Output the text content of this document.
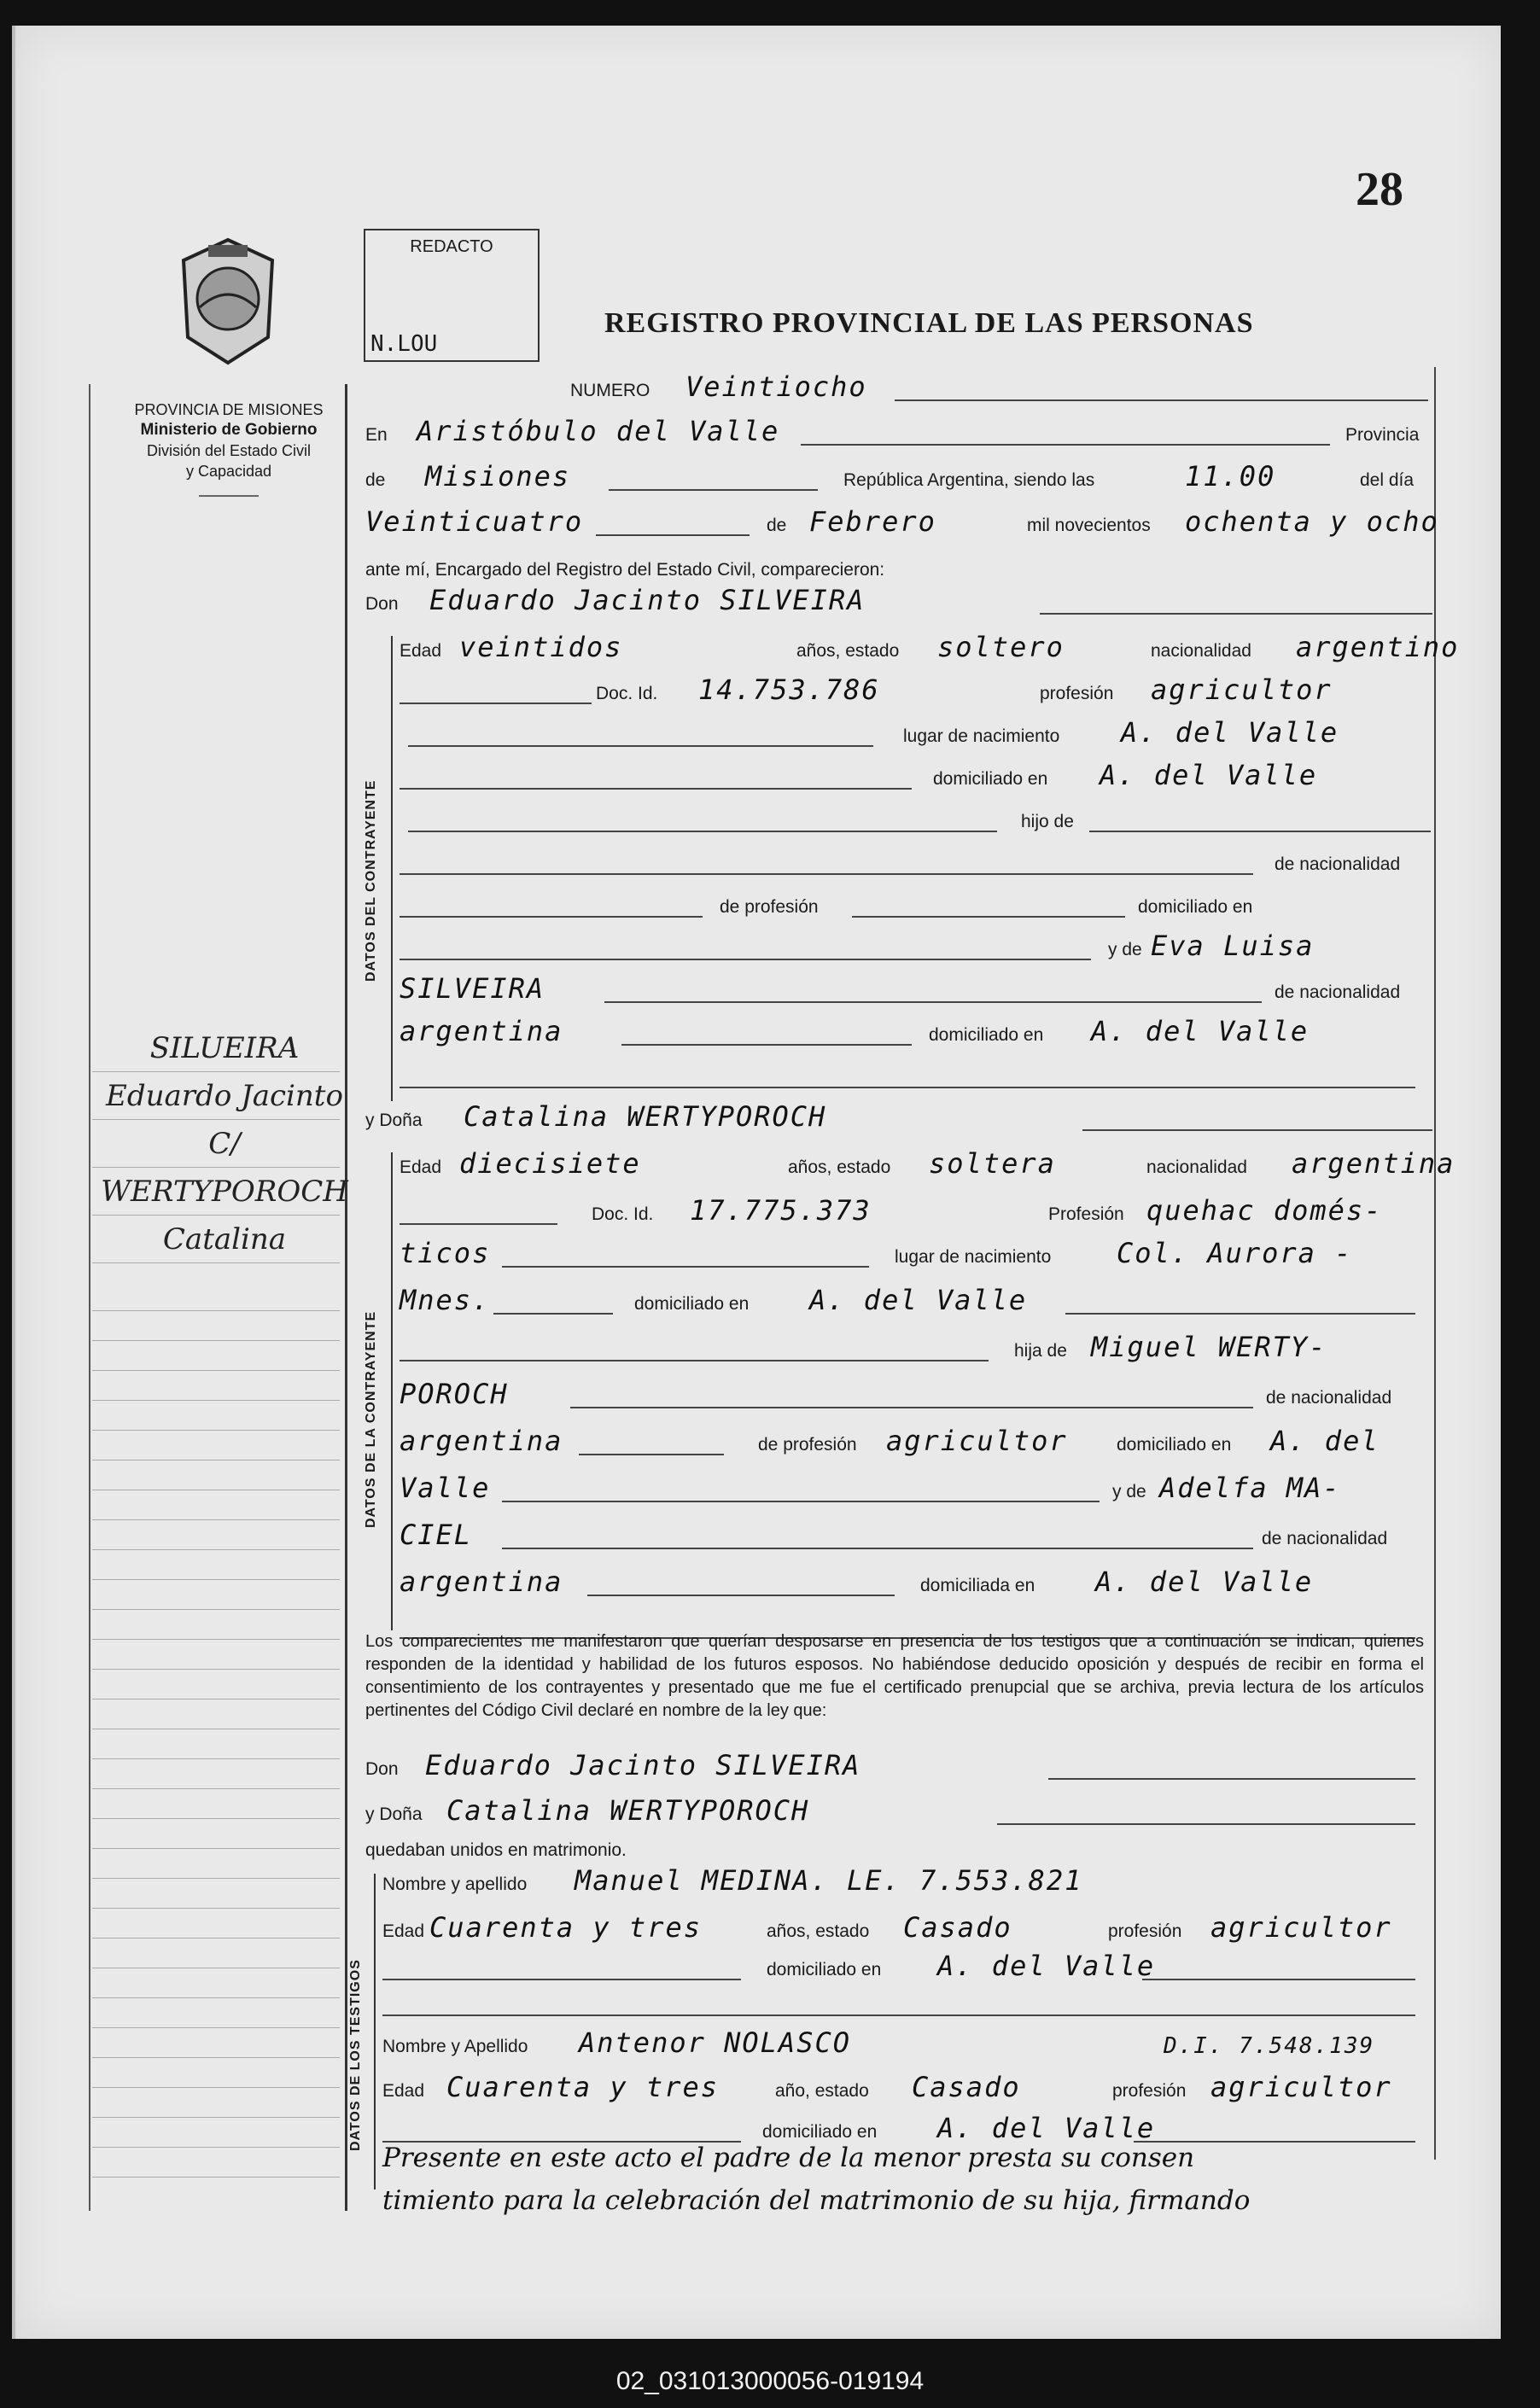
28
REDACTO
N.LOU
REGISTRO PROVINCIAL DE LAS PERSONAS
PROVINCIA DE MISIONES
Ministerio de Gobierno
División del Estado Civil
y Capacidad
SILUEIRA
Eduardo Jacinto
C/
WERTYPOROCH
Catalina
NUMERO Veintiocho
En Aristóbulo del Valle	Provincia
de Misiones	República Argentina, siendo las	11.00	del día
Veinticuatro	de Febrero	mil novecientos ochenta y ocho
ante mí, Encargado del Registro del Estado Civil, comparecieron:
Don Eduardo Jacinto SILVEIRA
DATOS DEL CONTRAYENTE
Edad veintidos	años, estado soltero	nacionalidad argentino
Doc. Id. 14.753.786	profesión agricultor
lugar de nacimiento A. del Valle
domiciliado en A. del Valle
hijo de
de nacionalidad
de profesión	domiciliado en
y de Eva Luisa
SILVEIRA	de nacionalidad
argentina	domiciliado en A. del Valle
y Doña Catalina WERTYPOROCH
DATOS DE LA CONTRAYENTE
Edad diecisiete	años, estado soltera	nacionalidad argentina
Doc. Id. 17.775.373	Profesión quehac domés-
ticos	lugar de nacimiento Col. Aurora -
Mnes.	domiciliado en A. del Valle
hija de Miguel WERTY-
POROCH	de nacionalidad
argentina	de profesión agricultor	domiciliado en A. del
Valle	y de Adelfa MA-
CIEL	de nacionalidad
argentina	domiciliada en A. del Valle
Los comparecientes me manifestaron que querían desposarse en presencia de los testigos que a continuación se indican, quienes responden de la identidad y habilidad de los futuros esposos. No habiéndose deducido oposición y después de recibir en forma el consentimiento de los contrayentes y presentado que me fue el certificado prenupcial que se archiva, previa lectura de los artículos pertinentes del Código Civil declaré en nombre de la ley que:
Don Eduardo Jacinto SILVEIRA
y Doña Catalina WERTYPOROCH
quedaban unidos en matrimonio.
DATOS DE LOS TESTIGOS
Nombre y apellido Manuel MEDINA. LE. 7.553.821
Edad Cuarenta y tres	años, estado Casado	profesión agricultor
domiciliado en A. del Valle
Nombre y Apellido Antenor NOLASCO	D.I. 7.548.139
Edad Cuarenta y tres	año, estado Casado	profesión agricultor
domiciliado en A. del Valle
Presente en este acto el padre de la menor presta su consen
timiento para la celebración del matrimonio de su hija, firmando
02_031013000056-019194
